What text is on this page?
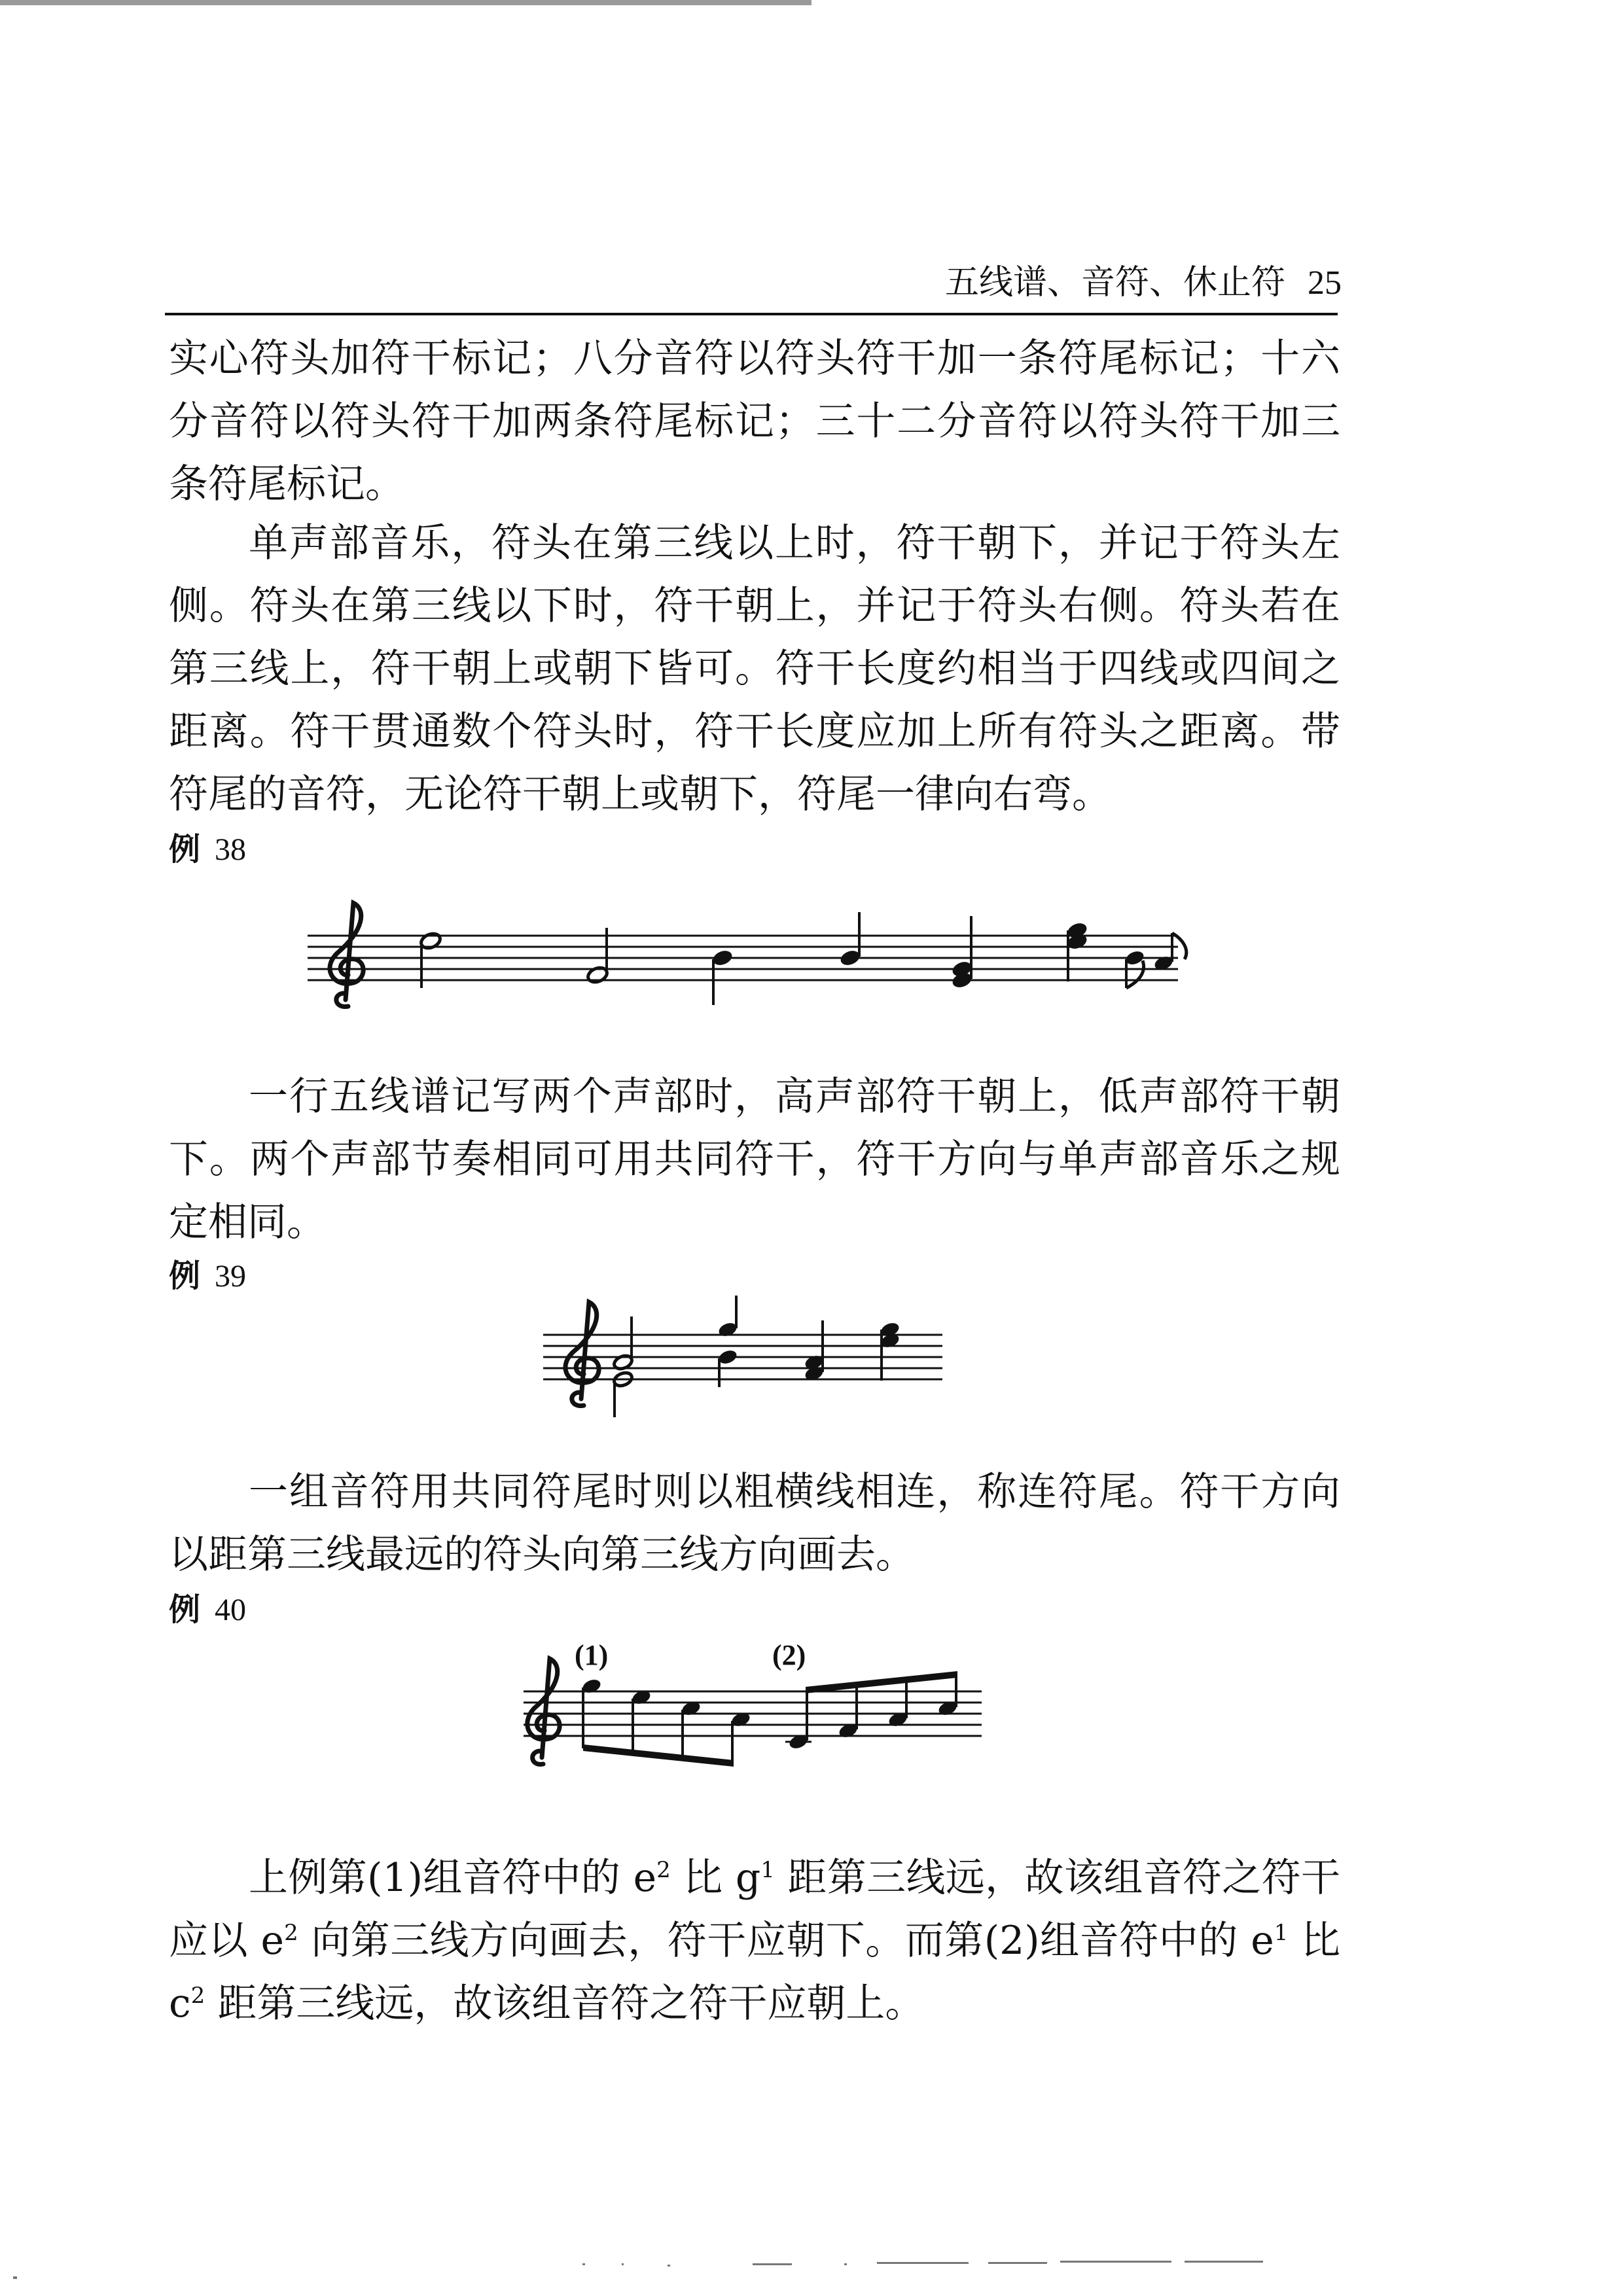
五线谱、音符、休止符 25
实心符头加符干标记；八分音符以符头符干加一条符尾标记；十六分音符以符头符干加两条符尾标记；三十二分音符以符头符干加三条符尾标记。
单声部音乐，符头在第三线以上时，符干朝下，并记于符头左侧。符头在第三线以下时，符干朝上，并记于符头右侧。符头若在第三线上，符干朝上或朝下皆可。符干长度约相当于四线或四间之距离。符干贯通数个符头时，符干长度应加上所有符头之距离。带符尾的音符，无论符干朝上或朝下，符尾一律向右弯。
例 38
一行五线谱记写两个声部时，高声部符干朝上，低声部符干朝下。两个声部节奏相同可用共同符干，符干方向与单声部音乐之规定相同。
例 39
一组音符用共同符尾时则以粗横线相连，称连符尾。符干方向以距第三线最远的符头向第三线方向画去。
例 40
(1)	(2)
上例第(1)组音符中的 $e^2$ 比 $g^1$ 距第三线远，故该组音符之符干应以 $e^2$ 向第三线方向画去，符干应朝下。而第(2)组音符中的 $e^1$ 比 $c^2$ 距第三线远，故该组音符之符干应朝上。
